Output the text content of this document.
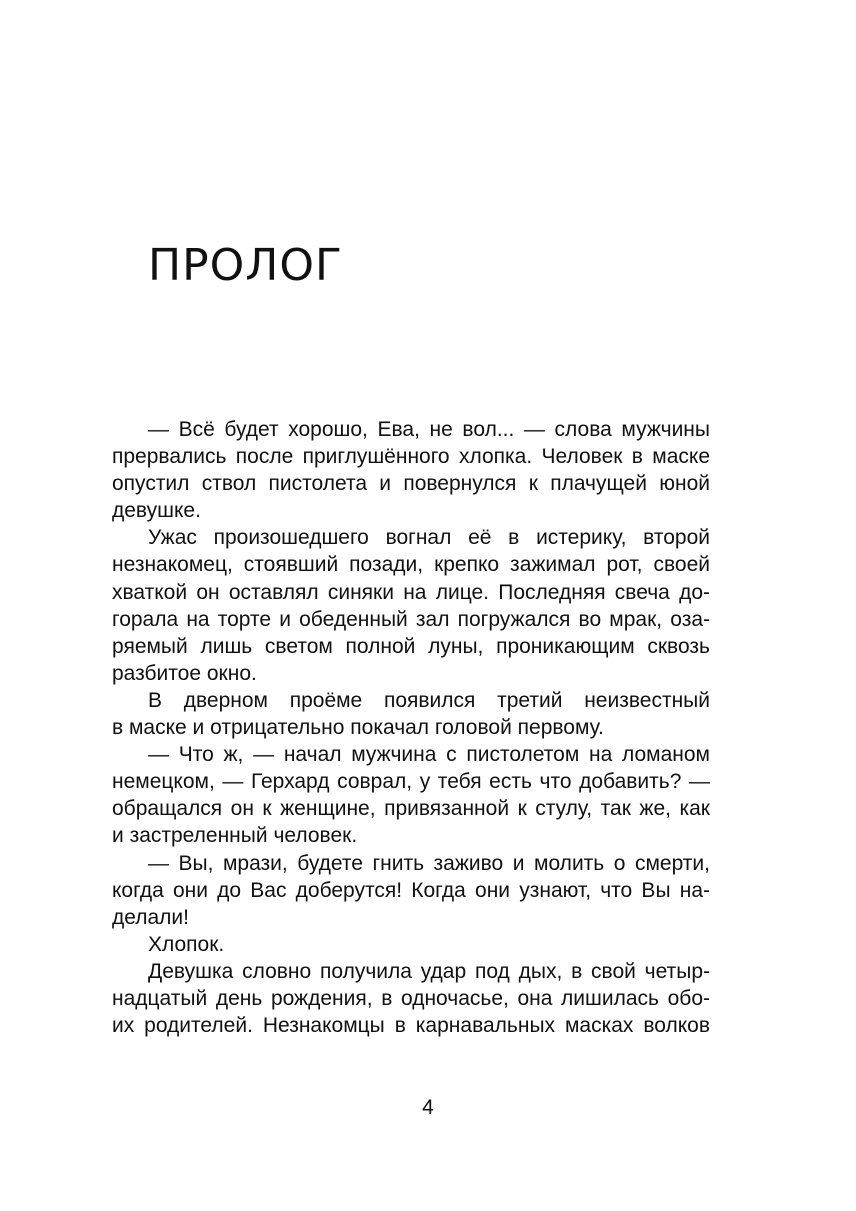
ПРОЛОГ
— Всё будет хорошо, Ева, не вол... — слова мужчины
прервались после приглушённого хлопка. Человек в маске
опустил ствол пистолета и повернулся к плачущей юной
девушке.
Ужас произошедшего вогнал её в истерику, второй
незнакомец, стоявший позади, крепко зажимал рот, своей
хваткой он оставлял синяки на лице. Последняя свеча до-
горала на торте и обеденный зал погружался во мрак, оза-
ряемый лишь светом полной луны, проникающим сквозь
разбитое окно.
В дверном проёме появился третий неизвестный
в маске и отрицательно покачал головой первому.
— Что ж, — начал мужчина с пистолетом на ломаном
немецком, — Герхард соврал, у тебя есть что добавить? —
обращался он к женщине, привязанной к стулу, так же, как
и застреленный человек.
— Вы, мрази, будете гнить заживо и молить о смерти,
когда они до Вас доберутся! Когда они узнают, что Вы на-
делали!
Хлопок.
Девушка словно получила удар под дых, в свой четыр-
надцатый день рождения, в одночасье, она лишилась обо-
их родителей. Незнакомцы в карнавальных масках волков
4
